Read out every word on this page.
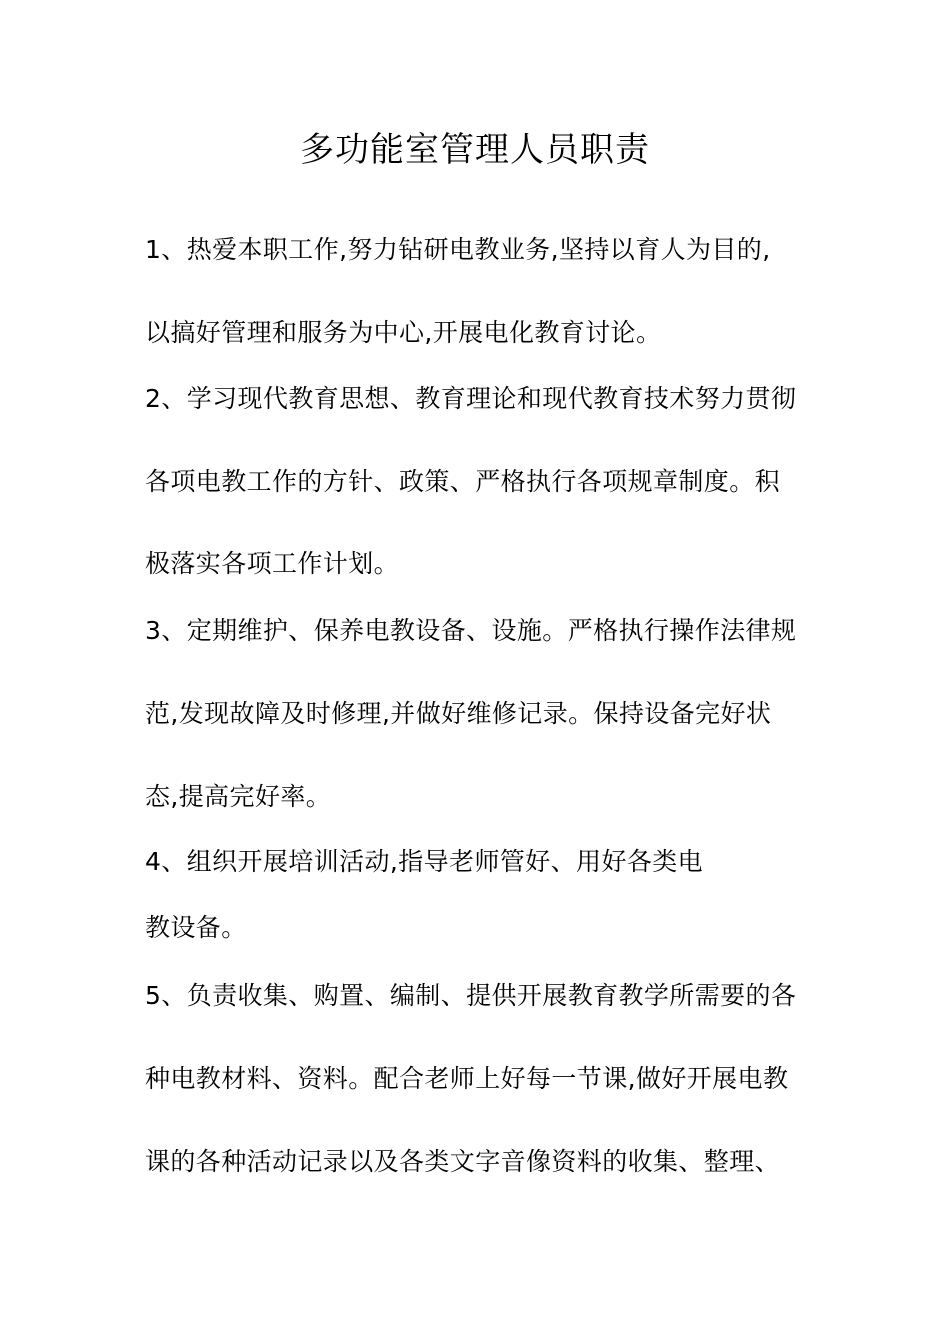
多功能室管理人员职责
1、热爱本职工作,努力钻研电教业务,坚持以育人为目的,
以搞好管理和服务为中心,开展电化教育讨论。
2、学习现代教育思想、教育理论和现代教育技术努力贯彻
各项电教工作的方针、政策、严格执行各项规章制度。积
极落实各项工作计划。
3、定期维护、保养电教设备、设施。严格执行操作法律规
范,发现故障及时修理,并做好维修记录。保持设备完好状
态,提高完好率。
4、组织开展培训活动,指导老师管好、用好各类电
教设备。
5、负责收集、购置、编制、提供开展教育教学所需要的各
种电教材料、资料。配合老师上好每一节课,做好开展电教
课的各种活动记录以及各类文字音像资料的收集、整理、
